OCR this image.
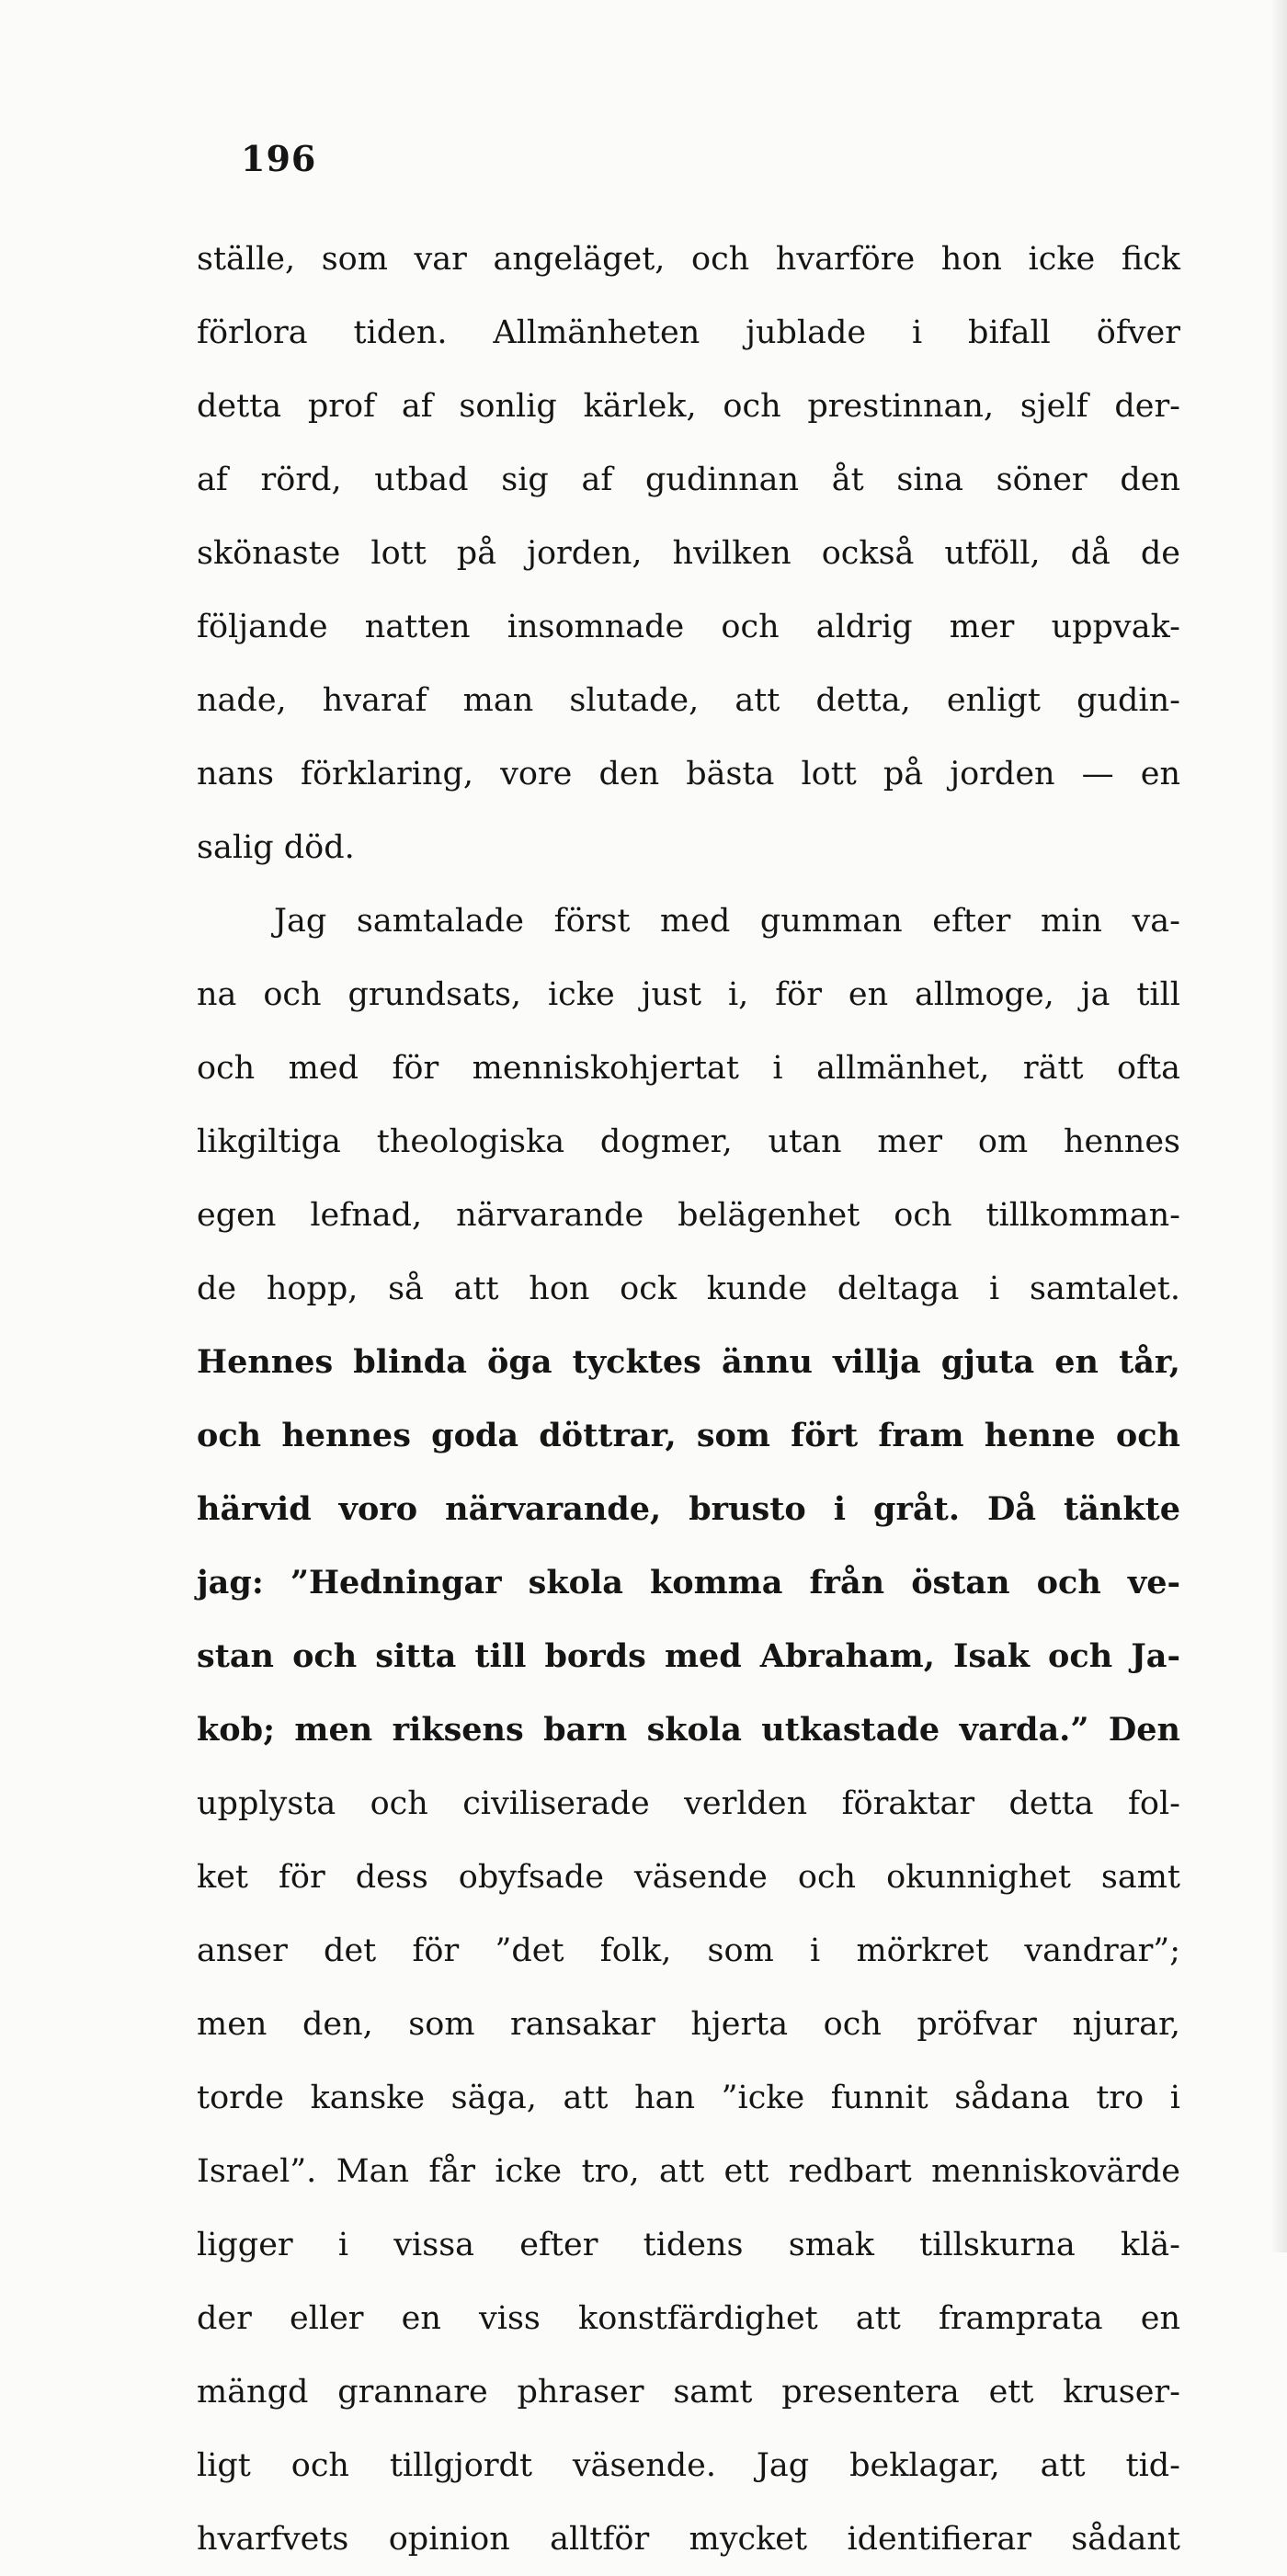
196
ställe, som var angeläget, och hvarföre hon icke fick
förlora tiden. Allmänheten jublade i bifall öfver
detta prof af sonlig kärlek, och prestinnan, sjelf der-
af rörd, utbad sig af gudinnan åt sina söner den
skönaste lott på jorden, hvilken också utföll, då de
följande natten insomnade och aldrig mer uppvak-
nade, hvaraf man slutade, att detta, enligt gudin-
nans förklaring, vore den bästa lott på jorden — en
salig död.
Jag samtalade först med gumman efter min va-
na och grundsats, icke just i, för en allmoge, ja till
och med för menniskohjertat i allmänhet, rätt ofta
likgiltiga theologiska dogmer, utan mer om hennes
egen lefnad, närvarande belägenhet och tillkomman-
de hopp, så att hon ock kunde deltaga i samtalet.
Hennes blinda öga tycktes ännu villja gjuta en tår,
och hennes goda döttrar, som fört fram henne och
härvid voro närvarande, brusto i gråt. Då tänkte
jag: ”Hedningar skola komma från östan och ve-
stan och sitta till bords med Abraham, Isak och Ja-
kob; men riksens barn skola utkastade varda.” Den
upplysta och civiliserade verlden föraktar detta fol-
ket för dess obyfsade väsende och okunnighet samt
anser det för ”det folk, som i mörkret vandrar”;
men den, som ransakar hjerta och pröfvar njurar,
torde kanske säga, att han ”icke funnit sådana tro i
Israel”. Man får icke tro, att ett redbart menniskovärde
ligger i vissa efter tidens smak tillskurna klä-
der eller en viss konstfärdighet att framprata en
mängd grannare phraser samt presentera ett kruser-
ligt och tillgjordt väsende. Jag beklagar, att tid-
hvarfvets opinion alltför mycket identifierar sådant
